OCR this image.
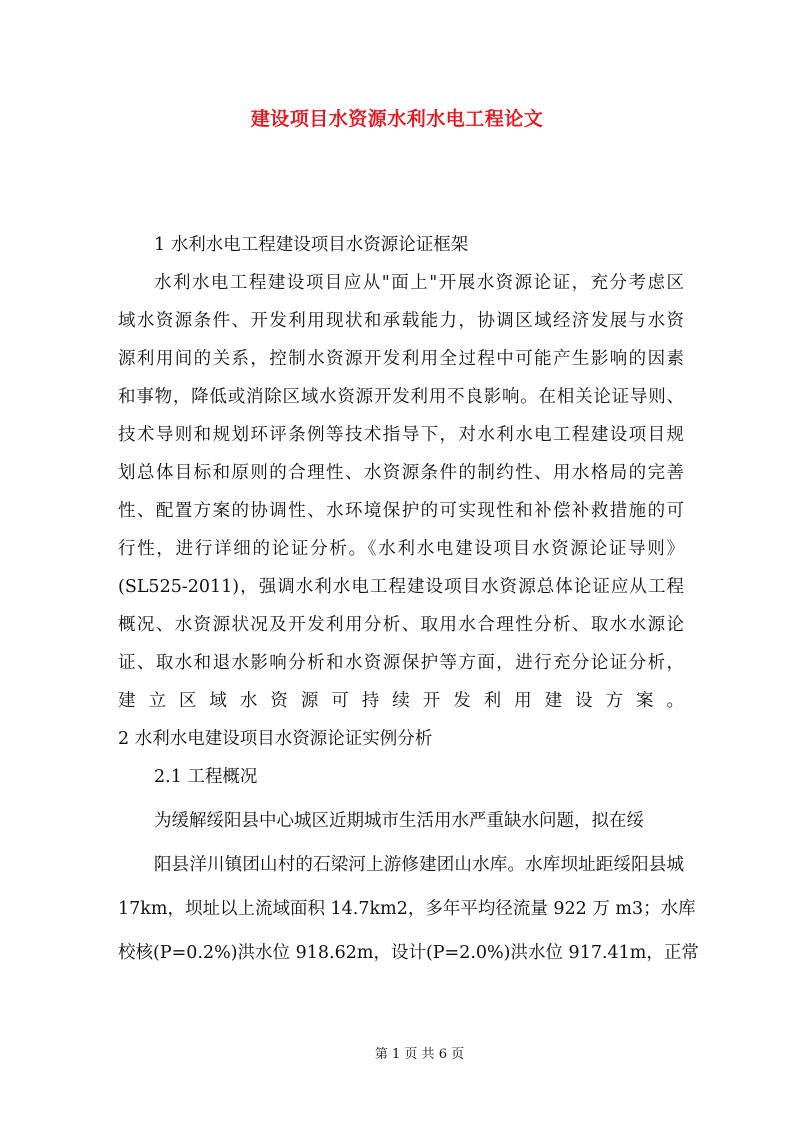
建设项目水资源水利水电工程论文
1 水利水电工程建设项目水资源论证框架
水利水电工程建设项目应从"面上"开展水资源论证，充分考虑区
域水资源条件、开发利用现状和承载能力，协调区域经济发展与水资
源利用间的关系，控制水资源开发利用全过程中可能产生影响的因素
和事物，降低或消除区域水资源开发利用不良影响。在相关论证导则、
技术导则和规划环评条例等技术指导下，对水利水电工程建设项目规
划总体目标和原则的合理性、水资源条件的制约性、用水格局的完善
性、配置方案的协调性、水环境保护的可实现性和补偿补救措施的可
行性，进行详细的论证分析。《水利水电建设项目水资源论证导则》
(SL525-2011)，强调水利水电工程建设项目水资源总体论证应从工程
概况、水资源状况及开发利用分析、取用水合理性分析、取水水源论
证、取水和退水影响分析和水资源保护等方面，进行充分论证分析，
建立区域水资源可持续开发利用建设方案。
2 水利水电建设项目水资源论证实例分析
2.1 工程概况
为缓解绥阳县中心城区近期城市生活用水严重缺水问题，拟在绥
阳县洋川镇团山村的石梁河上游修建团山水库。水库坝址距绥阳县城
17km，坝址以上流域面积 14.7km2，多年平均径流量 922 万 m3；水库
校核(P=0.2%)洪水位 918.62m，设计(P=2.0%)洪水位 917.41m，正常
第 1 页 共 6 页
